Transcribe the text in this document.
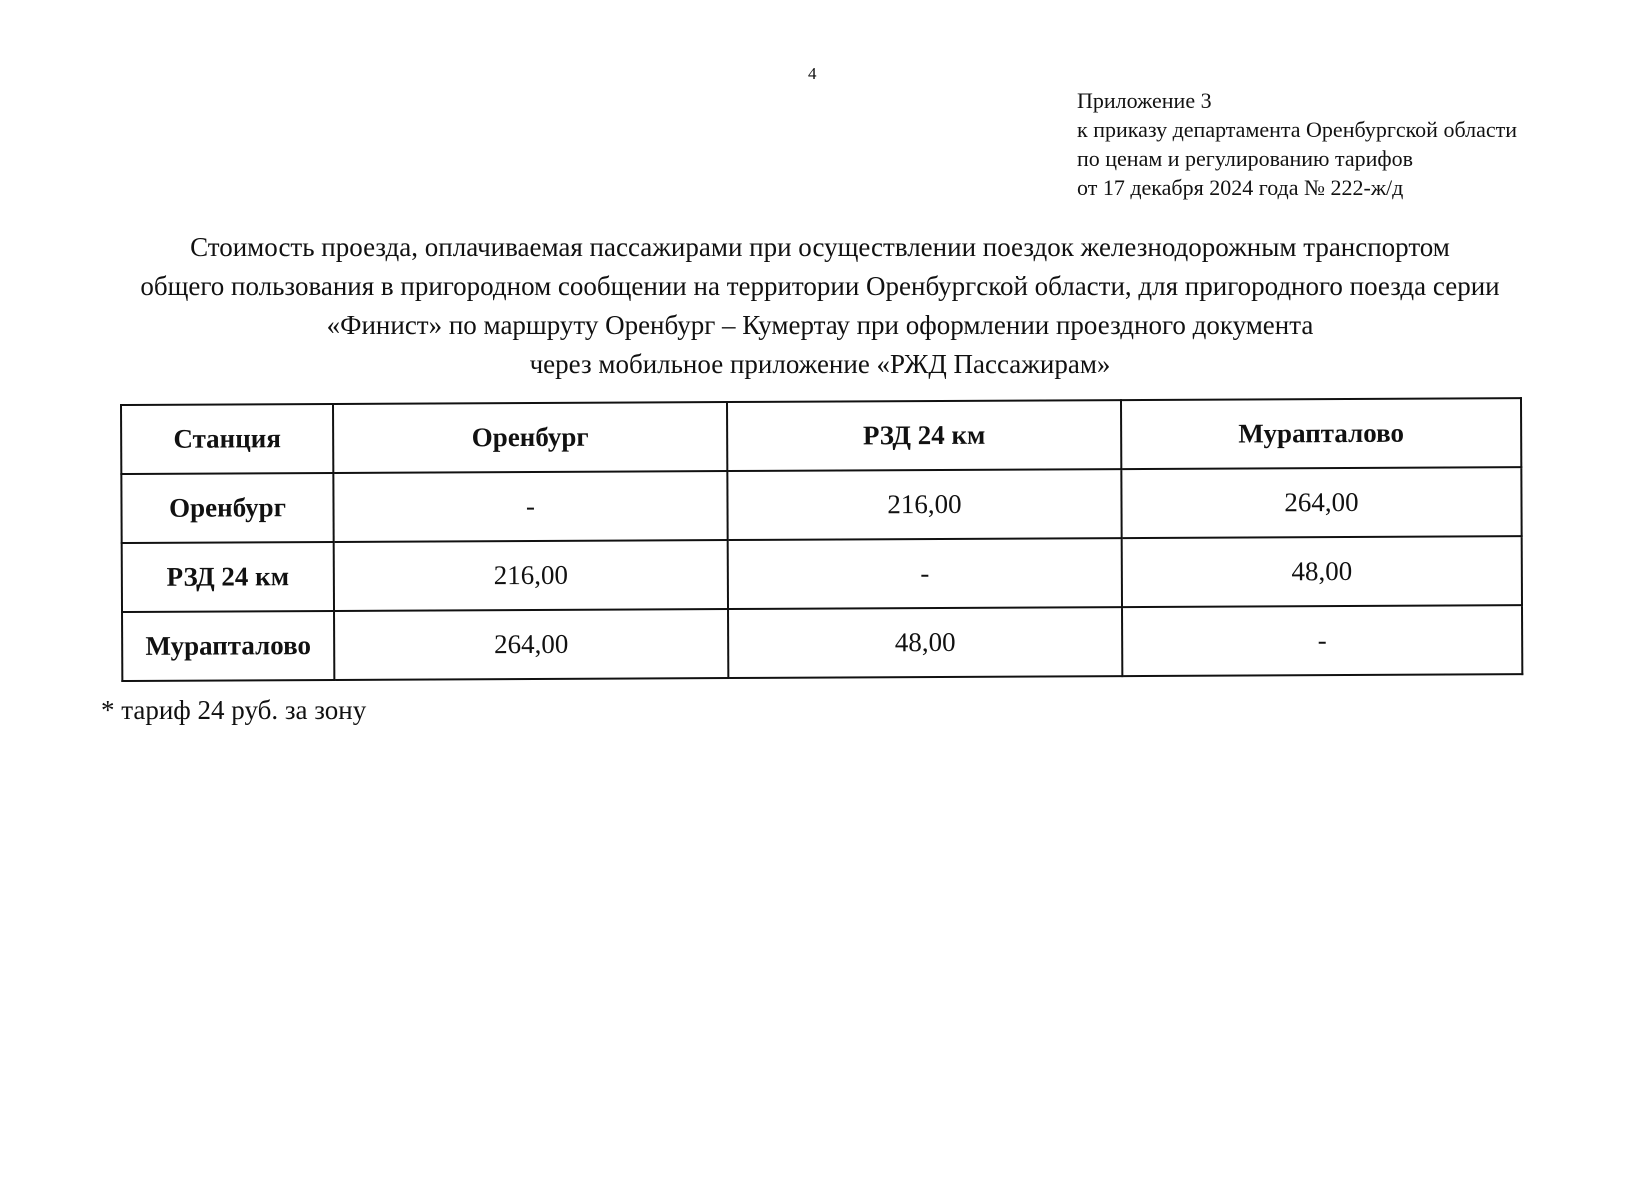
4
Приложение 3
к приказу департамента Оренбургской области
по ценам и регулированию тарифов
от 17 декабря 2024 года № 222-ж/д
Стоимость проезда, оплачиваемая пассажирами при осуществлении поездок железнодорожным транспортом
общего пользования в пригородном сообщении на территории Оренбургской области, для пригородного поезда серии
«Финист» по маршруту Оренбург – Кумертау при оформлении проездного документа
через мобильное приложение «РЖД Пассажирам»
Станция	Оренбург	РЗД 24 км	Мурапталово
Оренбург	-	216,00	264,00
РЗД 24 км	216,00	-	48,00
Мурапталово	264,00	48,00	-
* тариф 24 руб. за зону
